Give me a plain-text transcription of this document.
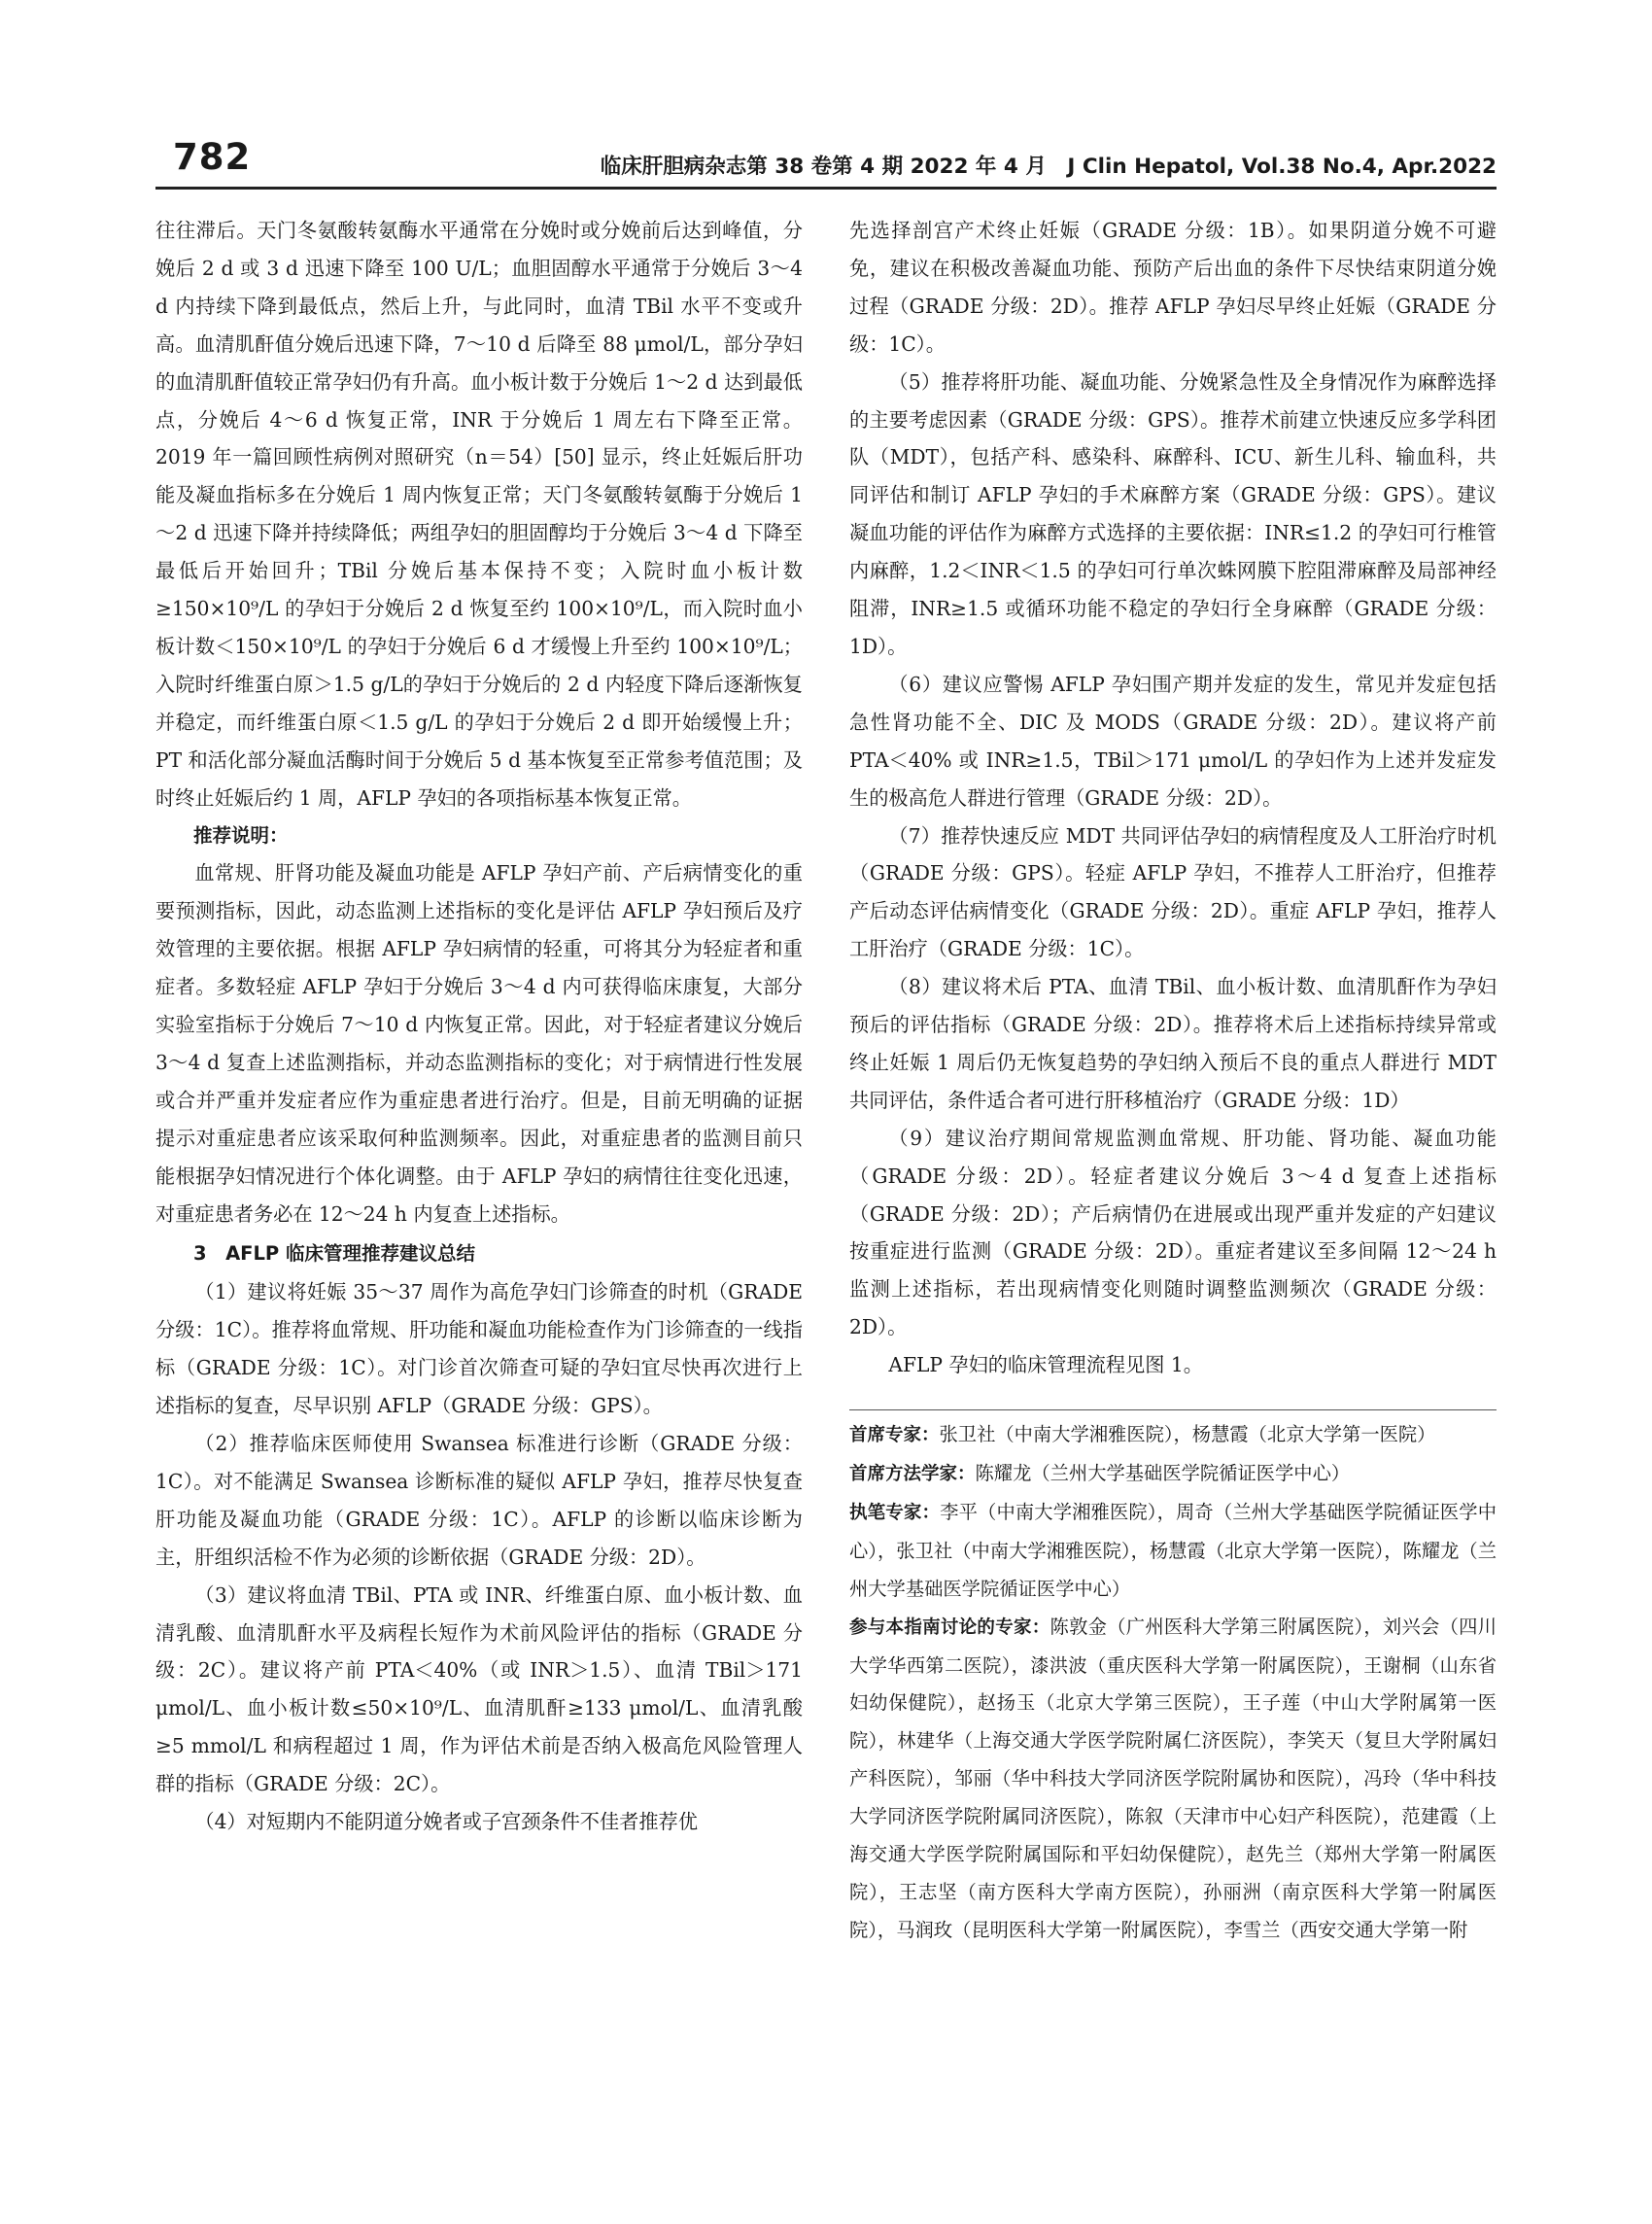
782	临床肝胆病杂志第 38 卷第 4 期 2022 年 4 月　J Clin Hepatol, Vol.38 No.4, Apr.2022

往往滞后。天门冬氨酸转氨酶水平通常在分娩时或分娩前后达到峰值，分娩后 2 d 或 3 d 迅速下降至 100 U/L；血胆固醇水平通常于分娩后 3～4 d 内持续下降到最低点，然后上升，与此同时，血清 TBil 水平不变或升高。血清肌酐值分娩后迅速下降，7～10 d 后降至 88 μmol/L，部分孕妇的血清肌酐值较正常孕妇仍有升高。血小板计数于分娩后 1～2 d 达到最低点，分娩后 4～6 d 恢复正常，INR 于分娩后 1 周左右下降至正常。2019 年一篇回顾性病例对照研究（n＝54）[50] 显示，终止妊娠后肝功能及凝血指标多在分娩后 1 周内恢复正常；天门冬氨酸转氨酶于分娩后 1～2 d 迅速下降并持续降低；两组孕妇的胆固醇均于分娩后 3～4 d 下降至最低后开始回升；TBil 分娩后基本保持不变；入院时血小板计数≥150×10⁹/L 的孕妇于分娩后 2 d 恢复至约 100×10⁹/L，而入院时血小板计数＜150×10⁹/L 的孕妇于分娩后 6 d 才缓慢上升至约 100×10⁹/L；入院时纤维蛋白原＞1.5 g/L的孕妇于分娩后的 2 d 内轻度下降后逐渐恢复并稳定，而纤维蛋白原＜1.5 g/L 的孕妇于分娩后 2 d 即开始缓慢上升；PT 和活化部分凝血活酶时间于分娩后 5 d 基本恢复至正常参考值范围；及时终止妊娠后约 1 周，AFLP 孕妇的各项指标基本恢复正常。

推荐说明：

血常规、肝肾功能及凝血功能是 AFLP 孕妇产前、产后病情变化的重要预测指标，因此，动态监测上述指标的变化是评估 AFLP 孕妇预后及疗效管理的主要依据。根据 AFLP 孕妇病情的轻重，可将其分为轻症者和重症者。多数轻症 AFLP 孕妇于分娩后 3～4 d 内可获得临床康复，大部分实验室指标于分娩后 7～10 d 内恢复正常。因此，对于轻症者建议分娩后 3～4 d 复查上述监测指标，并动态监测指标的变化；对于病情进行性发展或合并严重并发症者应作为重症患者进行治疗。但是，目前无明确的证据提示对重症患者应该采取何种监测频率。因此，对重症患者的监测目前只能根据孕妇情况进行个体化调整。由于 AFLP 孕妇的病情往往变化迅速，对重症患者务必在 12～24 h 内复查上述指标。

3　AFLP 临床管理推荐建议总结

（1）建议将妊娠 35～37 周作为高危孕妇门诊筛查的时机（GRADE 分级：1C）。推荐将血常规、肝功能和凝血功能检查作为门诊筛查的一线指标（GRADE 分级：1C）。对门诊首次筛查可疑的孕妇宜尽快再次进行上述指标的复查，尽早识别 AFLP（GRADE 分级：GPS）。

（2）推荐临床医师使用 Swansea 标准进行诊断（GRADE 分级：1C）。对不能满足 Swansea 诊断标准的疑似 AFLP 孕妇，推荐尽快复查肝功能及凝血功能（GRADE 分级：1C）。AFLP 的诊断以临床诊断为主，肝组织活检不作为必须的诊断依据（GRADE 分级：2D）。

（3）建议将血清 TBil、PTA 或 INR、纤维蛋白原、血小板计数、血清乳酸、血清肌酐水平及病程长短作为术前风险评估的指标（GRADE 分级：2C）。建议将产前 PTA＜40%（或 INR＞1.5）、血清 TBil＞171 μmol/L、血小板计数≤50×10⁹/L、血清肌酐≥133 μmol/L、血清乳酸≥5 mmol/L 和病程超过 1 周，作为评估术前是否纳入极高危风险管理人群的指标（GRADE 分级：2C）。

（4）对短期内不能阴道分娩者或子宫颈条件不佳者推荐优

先选择剖宫产术终止妊娠（GRADE 分级：1B）。如果阴道分娩不可避免，建议在积极改善凝血功能、预防产后出血的条件下尽快结束阴道分娩过程（GRADE 分级：2D）。推荐 AFLP 孕妇尽早终止妊娠（GRADE 分级：1C）。

（5）推荐将肝功能、凝血功能、分娩紧急性及全身情况作为麻醉选择的主要考虑因素（GRADE 分级：GPS）。推荐术前建立快速反应多学科团队（MDT），包括产科、感染科、麻醉科、ICU、新生儿科、输血科，共同评估和制订 AFLP 孕妇的手术麻醉方案（GRADE 分级：GPS）。建议凝血功能的评估作为麻醉方式选择的主要依据：INR≤1.2 的孕妇可行椎管内麻醉，1.2＜INR＜1.5 的孕妇可行单次蛛网膜下腔阻滞麻醉及局部神经阻滞，INR≥1.5 或循环功能不稳定的孕妇行全身麻醉（GRADE 分级：1D）。

（6）建议应警惕 AFLP 孕妇围产期并发症的发生，常见并发症包括急性肾功能不全、DIC 及 MODS（GRADE 分级：2D）。建议将产前 PTA＜40% 或 INR≥1.5，TBil＞171 μmol/L 的孕妇作为上述并发症发生的极高危人群进行管理（GRADE 分级：2D）。

（7）推荐快速反应 MDT 共同评估孕妇的病情程度及人工肝治疗时机（GRADE 分级：GPS）。轻症 AFLP 孕妇，不推荐人工肝治疗，但推荐产后动态评估病情变化（GRADE 分级：2D）。重症 AFLP 孕妇，推荐人工肝治疗（GRADE 分级：1C）。

（8）建议将术后 PTA、血清 TBil、血小板计数、血清肌酐作为孕妇预后的评估指标（GRADE 分级：2D）。推荐将术后上述指标持续异常或终止妊娠 1 周后仍无恢复趋势的孕妇纳入预后不良的重点人群进行 MDT 共同评估，条件适合者可进行肝移植治疗（GRADE 分级：1D）

（9）建议治疗期间常规监测血常规、肝功能、肾功能、凝血功能（GRADE 分级：2D）。轻症者建议分娩后 3～4 d 复查上述指标（GRADE 分级：2D）；产后病情仍在进展或出现严重并发症的产妇建议按重症进行监测（GRADE 分级：2D）。重症者建议至多间隔 12～24 h 监测上述指标，若出现病情变化则随时调整监测频次（GRADE 分级：2D）。

AFLP 孕妇的临床管理流程见图 1。

首席专家：张卫社（中南大学湘雅医院），杨慧霞（北京大学第一医院）

首席方法学家：陈耀龙（兰州大学基础医学院循证医学中心）

执笔专家：李平（中南大学湘雅医院），周奇（兰州大学基础医学院循证医学中心），张卫社（中南大学湘雅医院），杨慧霞（北京大学第一医院），陈耀龙（兰州大学基础医学院循证医学中心）

参与本指南讨论的专家：陈敦金（广州医科大学第三附属医院），刘兴会（四川大学华西第二医院），漆洪波（重庆医科大学第一附属医院），王谢桐（山东省妇幼保健院），赵扬玉（北京大学第三医院），王子莲（中山大学附属第一医院），林建华（上海交通大学医学院附属仁济医院），李笑天（复旦大学附属妇产科医院），邹丽（华中科技大学同济医学院附属协和医院），冯玲（华中科技大学同济医学院附属同济医院），陈叙（天津市中心妇产科医院），范建霞（上海交通大学医学院附属国际和平妇幼保健院），赵先兰（郑州大学第一附属医院），王志坚（南方医科大学南方医院），孙丽洲（南京医科大学第一附属医院），马润玫（昆明医科大学第一附属医院），李雪兰（西安交通大学第一附
